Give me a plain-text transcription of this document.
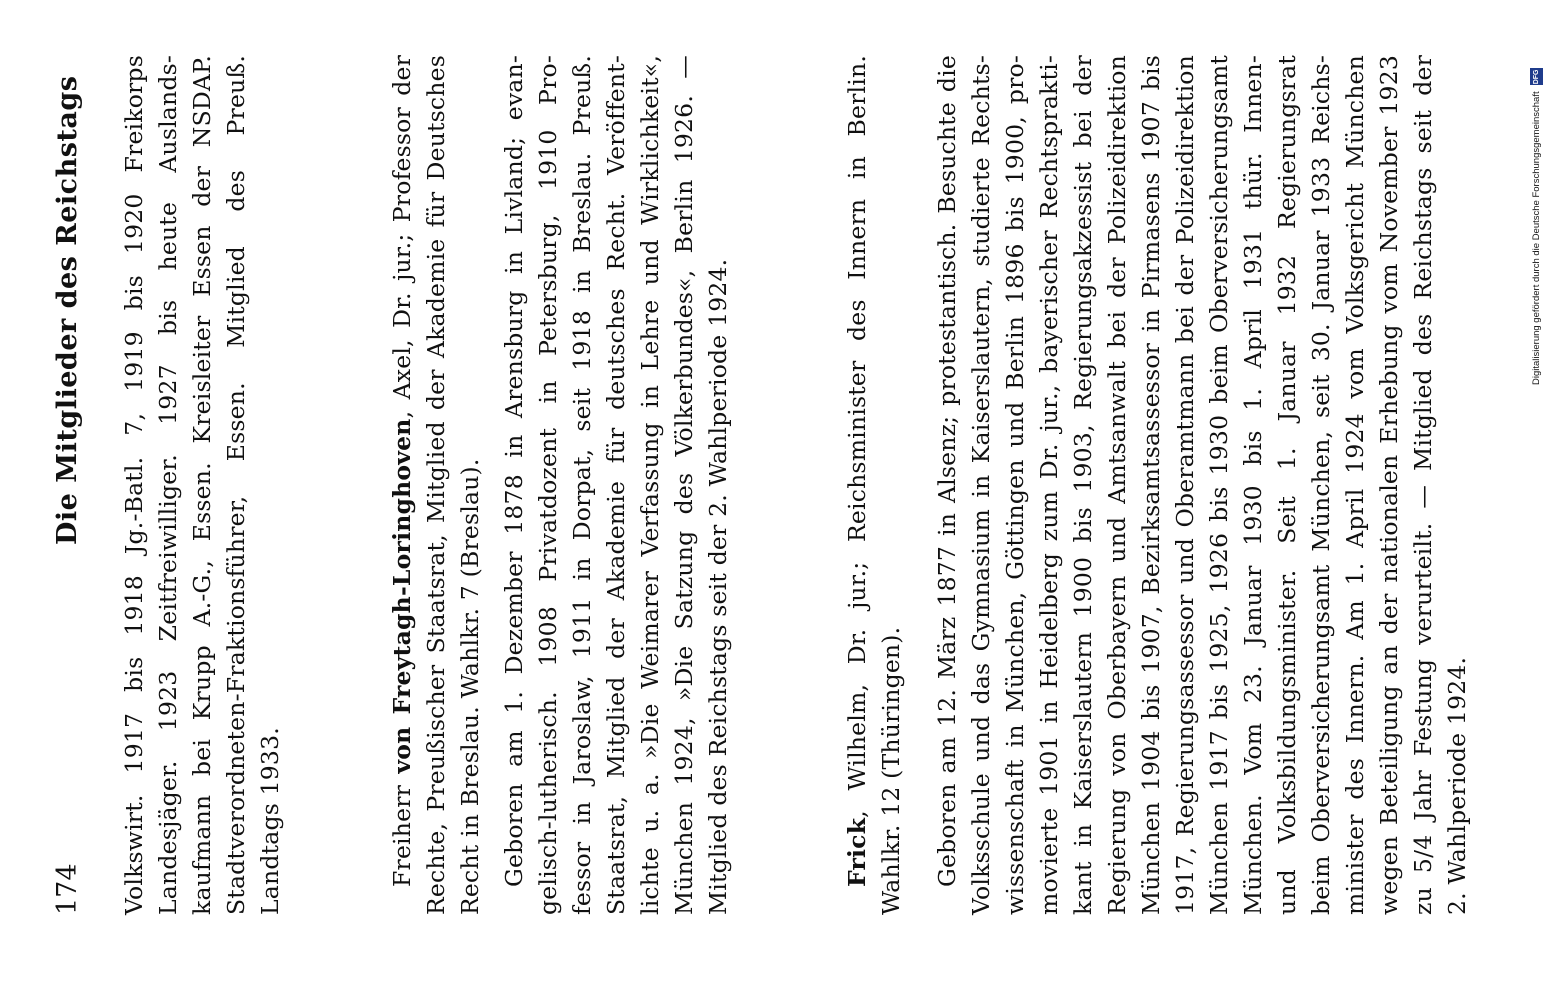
174
Die Mitglieder des Reichstags Volkswirt. 1917 bis 1918 Jg.-Batl. 7, 1919 bis 1920 Freikorps Landesjäger. 1923 Zeitfreiwilliger. 1927 bis heute Auslands- kaufmann bei Krupp A.-G., Essen. Kreisleiter Essen der NSDAP. Stadtverordneten-Fraktionsführer, Essen. Mitglied des Preuß. Landtags 1933.	Freiherr von Freytagh-Loringhoven, Axel, Dr. jur.; Professor der Rechte, Preußischer Staatsrat, Mitglied der Akademie für Deutsches Recht in Breslau. Wahlkr. 7 (Breslau). Geboren am 1. Dezember 1878 in Arensburg in Livland; evan- gelisch-lutherisch. 1908 Privatdozent in Petersburg, 1910 Pro- fessor in Jaroslaw, 1911 in Dorpat, seit 1918 in Breslau. Preuß. Staatsrat, Mitglied der Akademie für deutsches Recht. Veröffent- lichte u. a. »Die Weimarer Verfassung in Lehre und Wirklichkeit«, München 1924, »Die Satzung des Völkerbundes«, Berlin 1926. — Mitglied des Reichstags seit der 2. Wahlperiode 1924.	Frick, Wilhelm, Dr. jur.; Reichsminister des Innern in Berlin. Wahlkr. 12 (Thüringen). Geboren am 12. März 1877 in Alsenz; protestantisch. Besuchte die Volksschule und das Gymnasium in Kaiserslautern, studierte Rechts- wissenschaft in München, Göttingen und Berlin 1896 bis 1900, pro- movierte 1901 in Heidelberg zum Dr. jur., bayerischer Rechtsprakti- kant in Kaiserslautern 1900 bis 1903, Regierungsakzessist bei der Regierung von Oberbayern und Amtsanwalt bei der Polizeidirektion München 1904 bis 1907, Bezirksamtsassessor in Pirmasens 1907 bis 1917, Regierungsassessor und Oberamtmann bei der Polizeidirektion München 1917 bis 1925, 1926 bis 1930 beim Oberversicherungsamt München. Vom 23. Januar 1930 bis 1. April 1931 thür. Innen- und Volksbildungsminister. Seit 1. Januar 1932 Regierungsrat beim Oberversicherungsamt München, seit 30. Januar 1933 Reichs- minister des Innern. Am 1. April 1924 vom Volksgericht München wegen Beteiligung an der nationalen Erhebung vom November 1923 zu 5/4 Jahr Festung verurteilt. — Mitglied des Reichstags seit der 2. Wahlperiode 1924.
Digitalisierung gefördert durch die Deutsche Forschungsgemeinschaft
DFG
